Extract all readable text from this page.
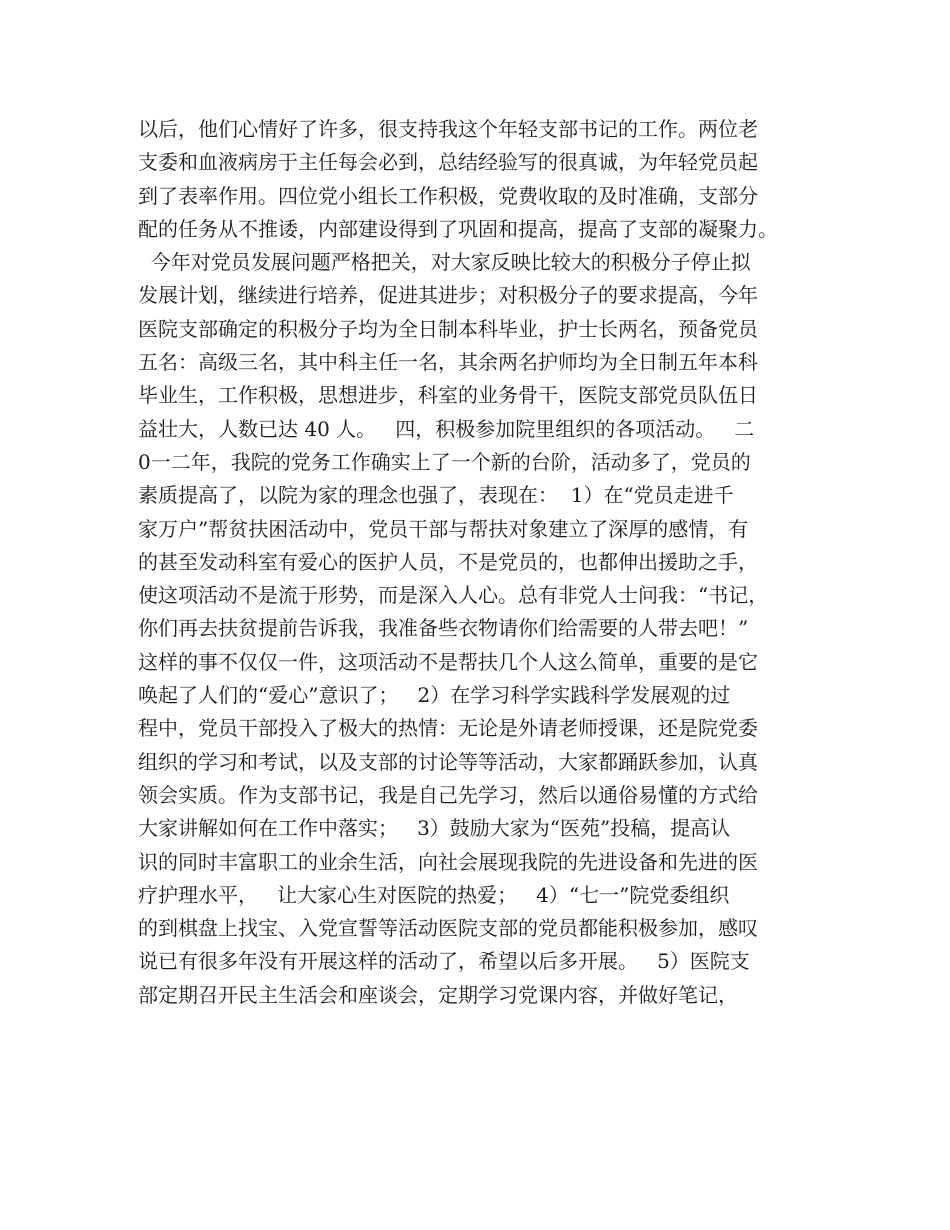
以后，他们心情好了许多，很支持我这个年轻支部书记的工作。两位老
支委和血液病房于主任每会必到，总结经验写的很真诚，为年轻党员起
到了表率作用。四位党小组长工作积极，党费收取的及时准确，支部分
配的任务从不推诿，内部建设得到了巩固和提高，提高了支部的凝聚力。
今年对党员发展问题严格把关，对大家反映比较大的积极分子停止拟
发展计划，继续进行培养，促进其进步；对积极分子的要求提高，今年
医院支部确定的积极分子均为全日制本科毕业，护士长两名，预备党员
五名：高级三名，其中科主任一名，其余两名护师均为全日制五年本科
毕业生，工作积极，思想进步，科室的业务骨干，医院支部党员队伍日
益壮大，人数已达 40 人。   四，积极参加院里组织的各项活动。   二
0一二年，我院的党务工作确实上了一个新的台阶，活动多了，党员的
素质提高了，以院为家的理念也强了，表现在：  1）在“党员走进千
家万户”帮贫扶困活动中，党员干部与帮扶对象建立了深厚的感情，有
的甚至发动科室有爱心的医护人员，不是党员的，也都伸出援助之手，
使这项活动不是流于形势，而是深入人心。总有非党人士问我：“书记，
你们再去扶贫提前告诉我，我准备些衣物请你们给需要的人带去吧！”
这样的事不仅仅一件，这项活动不是帮扶几个人这么简单，重要的是它
唤起了人们的“爱心”意识了；   2）在学习科学实践科学发展观的过
程中，党员干部投入了极大的热情：无论是外请老师授课，还是院党委
组织的学习和考试，以及支部的讨论等等活动，大家都踊跃参加，认真
领会实质。作为支部书记，我是自己先学习，然后以通俗易懂的方式给
大家讲解如何在工作中落实；   3）鼓励大家为“医苑”投稿，提高认
识的同时丰富职工的业余生活，向社会展现我院的先进设备和先进的医
疗护理水平，   让大家心生对医院的热爱；   4）“七一”院党委组织
的到棋盘上找宝、入党宣誓等活动医院支部的党员都能积极参加，感叹
说已有很多年没有开展这样的活动了，希望以后多开展。   5）医院支
部定期召开民主生活会和座谈会，定期学习党课内容，并做好笔记，
